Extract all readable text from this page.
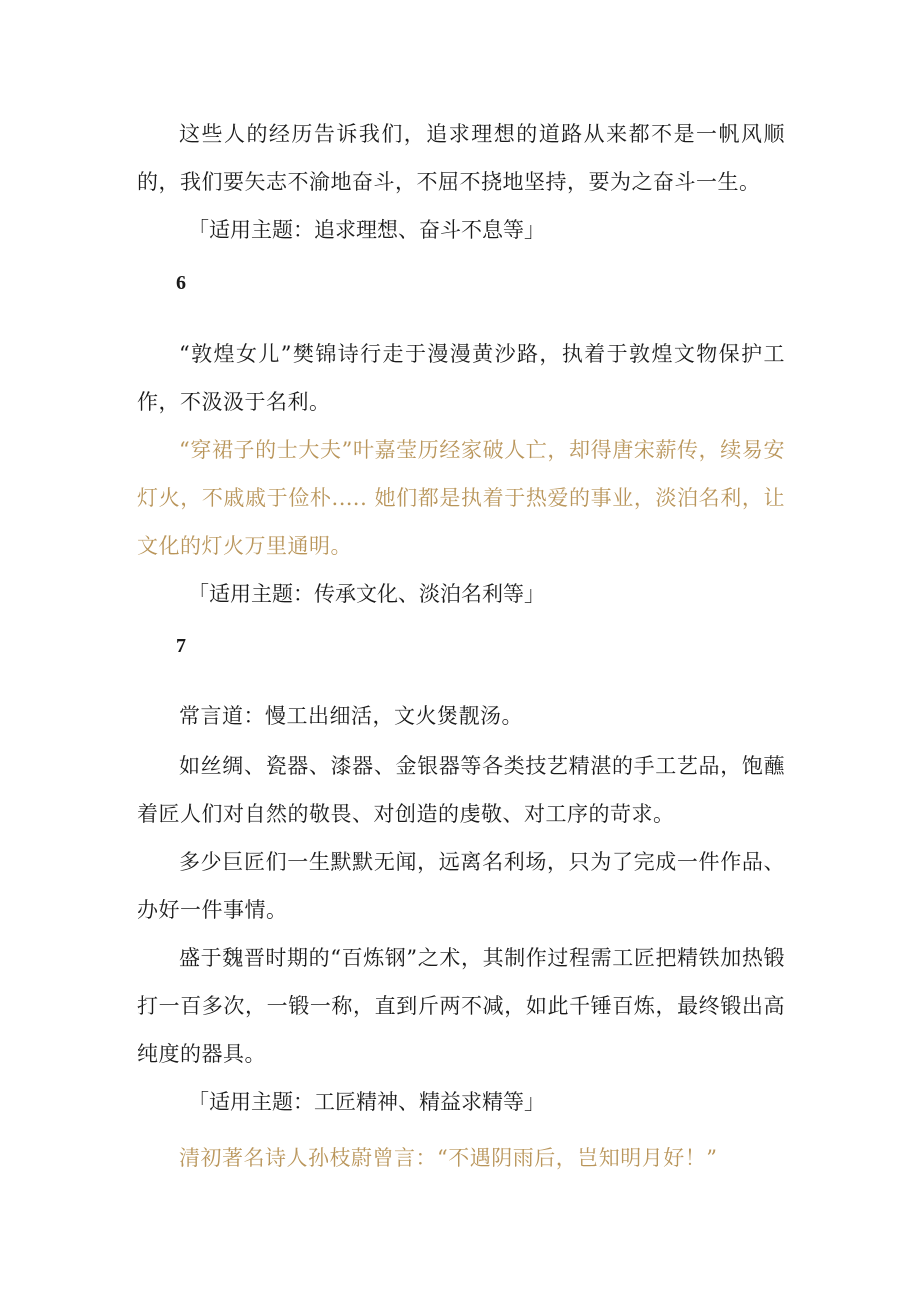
这些人的经历告诉我们，追求理想的道路从来都不是一帆风顺的，我们要矢志不渝地奋斗，不屈不挠地坚持，要为之奋斗一生。

「适用主题：追求理想、奋斗不息等」

6

“敦煌女儿”樊锦诗行走于漫漫黄沙路，执着于敦煌文物保护工作，不汲汲于名利。

“穿裙子的士大夫”叶嘉莹历经家破人亡，却得唐宋薪传，续易安灯火，不戚戚于俭朴.…. 她们都是执着于热爱的事业，淡泊名利，让文化的灯火万里通明。

「适用主题：传承文化、淡泊名利等」

7

常言道：慢工出细活，文火煲靓汤。

如丝绸、瓷器、漆器、金银器等各类技艺精湛的手工艺品，饱蘸着匠人们对自然的敬畏、对创造的虔敬、对工序的苛求。

多少巨匠们一生默默无闻，远离名利场，只为了完成一件作品、办好一件事情。

盛于魏晋时期的“百炼钢”之术，其制作过程需工匠把精铁加热锻打一百多次，一锻一称，直到斤两不减，如此千锤百炼，最终锻出高纯度的器具。

「适用主题：工匠精神、精益求精等」

清初著名诗人孙枝蔚曾言：“不遇阴雨后，岂知明月好！”
